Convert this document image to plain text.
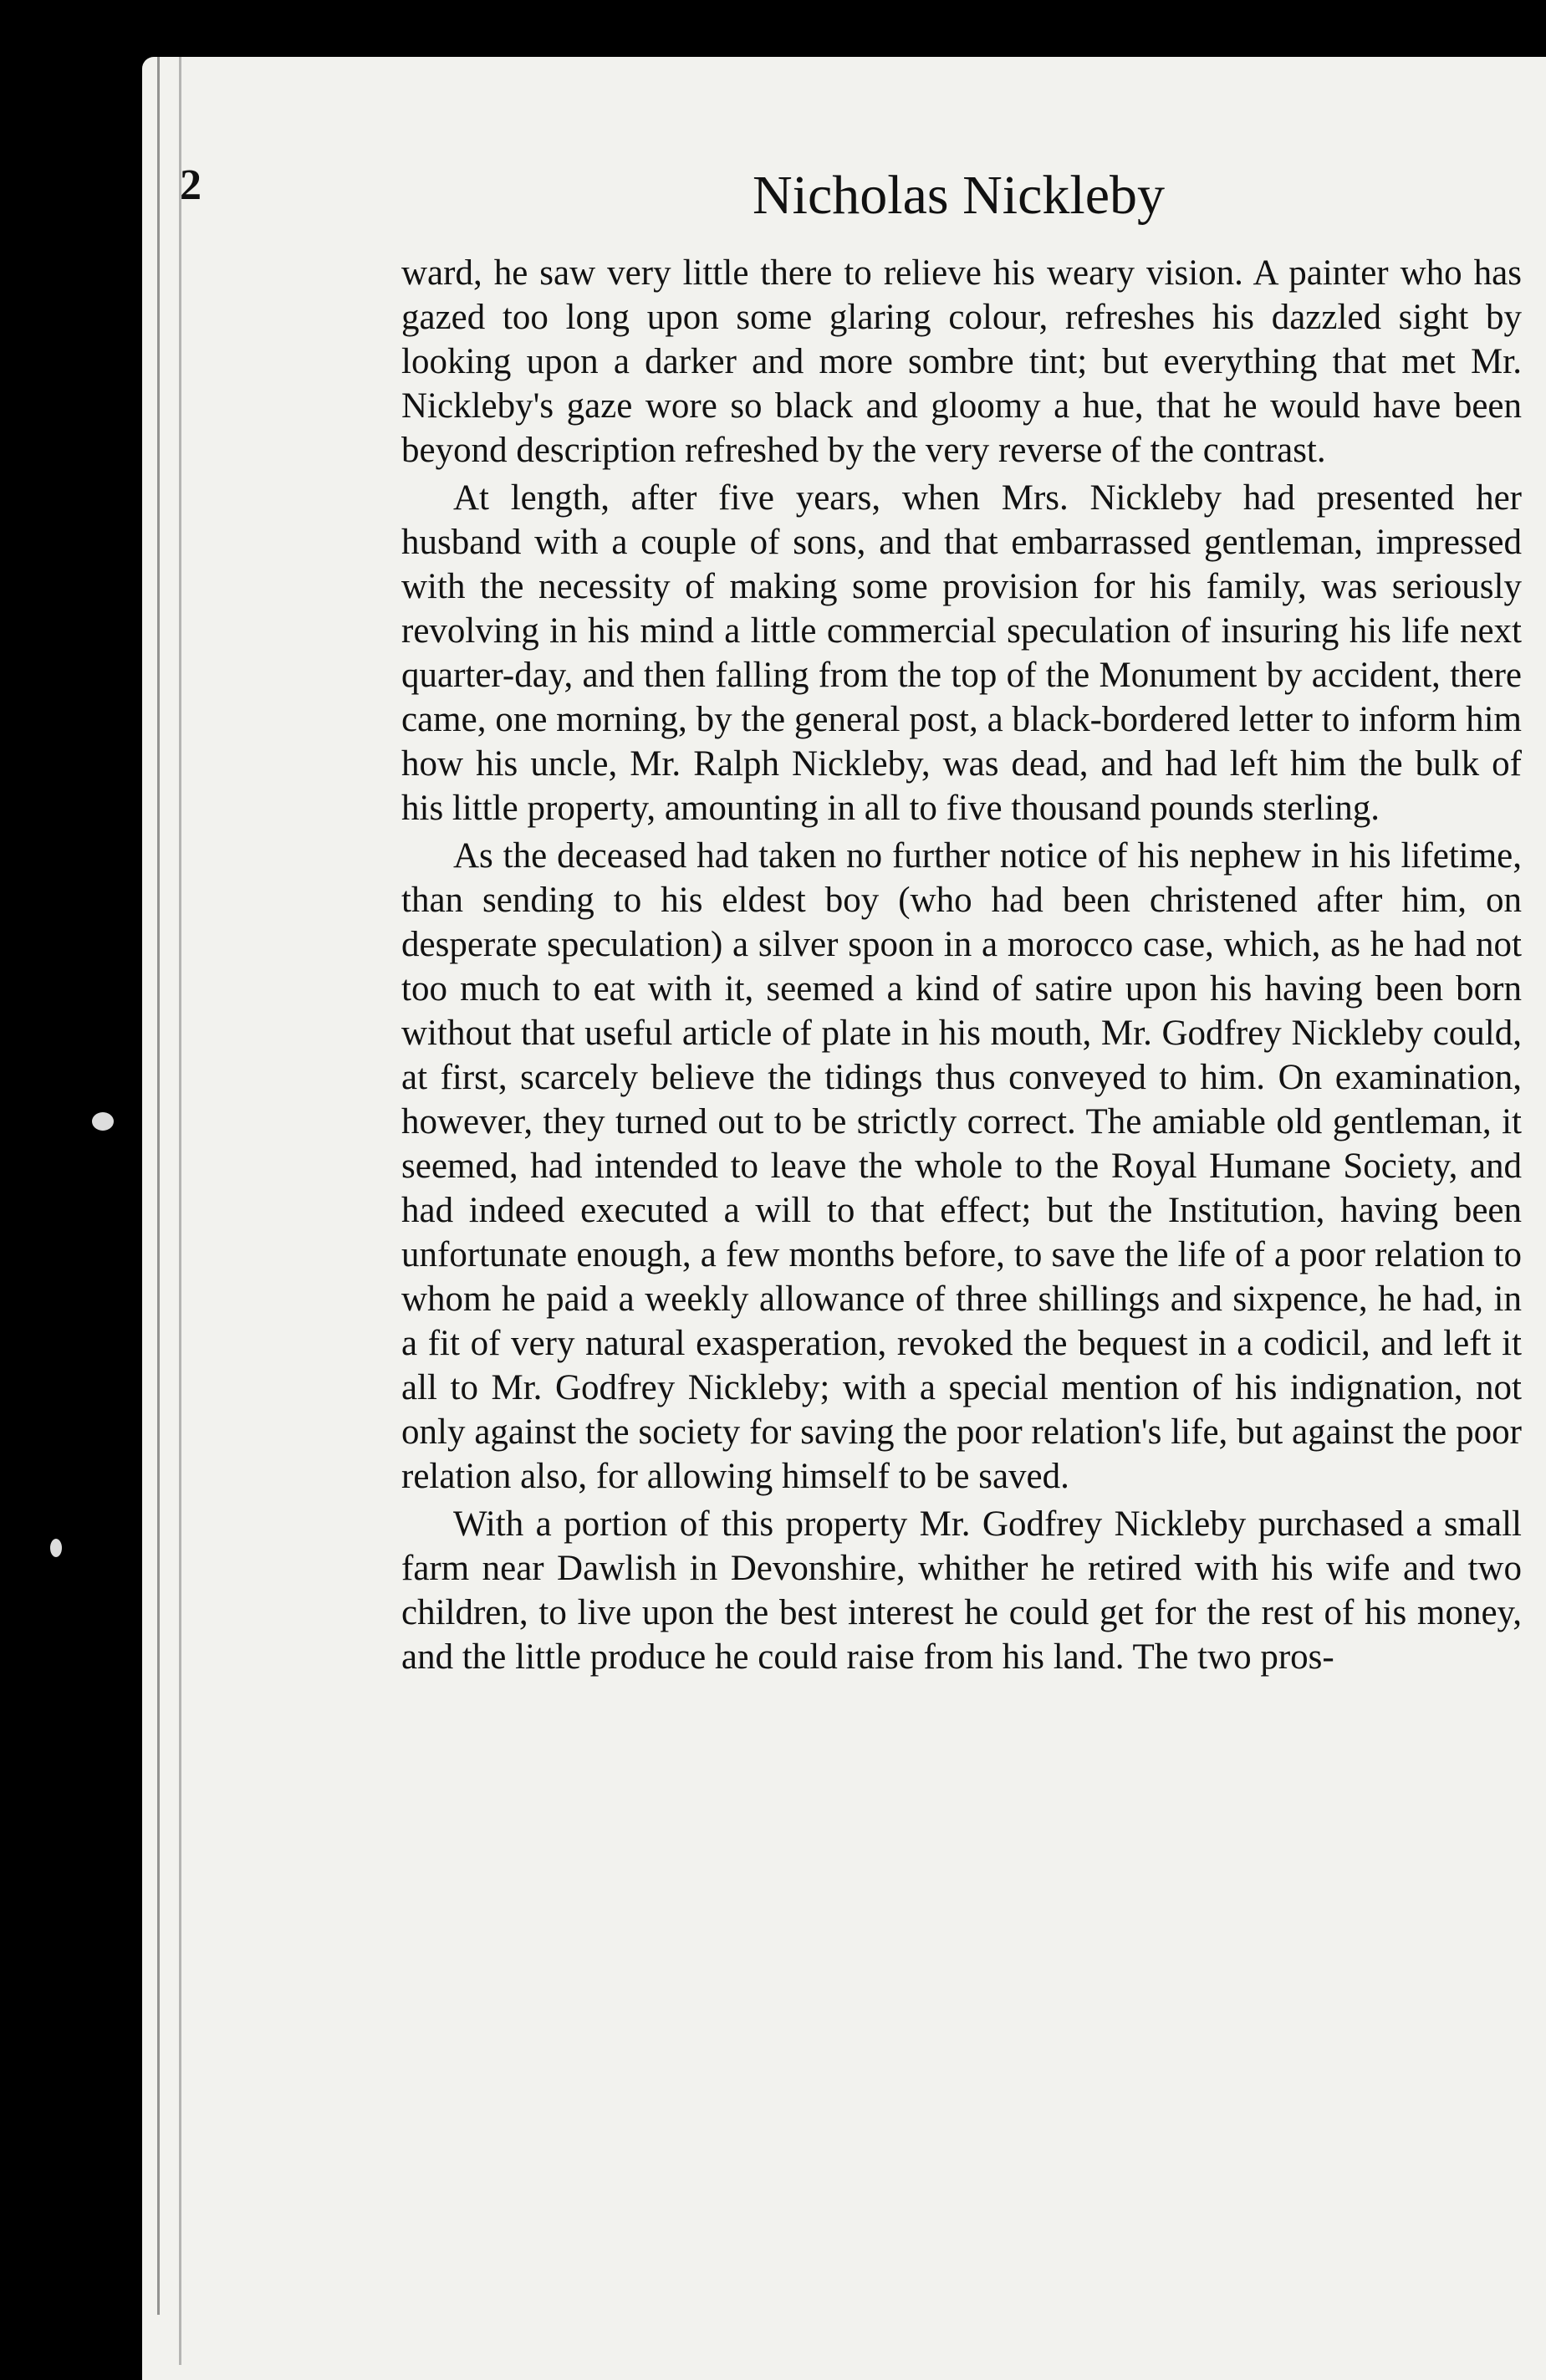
2	Nicholas Nickleby

ward, he saw very little there to relieve his weary vision. A painter who has gazed too long upon some glaring colour, refreshes his dazzled sight by looking upon a darker and more sombre tint; but everything that met Mr. Nickleby's gaze wore so black and gloomy a hue, that he would have been beyond description refreshed by the very reverse of the contrast.

At length, after five years, when Mrs. Nickleby had presented her husband with a couple of sons, and that embarrassed gentleman, impressed with the necessity of making some provision for his family, was seriously revolving in his mind a little commercial speculation of insuring his life next quarter-day, and then falling from the top of the Monument by accident, there came, one morning, by the general post, a black-bordered letter to inform him how his uncle, Mr. Ralph Nickleby, was dead, and had left him the bulk of his little property, amounting in all to five thousand pounds sterling.

As the deceased had taken no further notice of his nephew in his lifetime, than sending to his eldest boy (who had been christened after him, on desperate speculation) a silver spoon in a morocco case, which, as he had not too much to eat with it, seemed a kind of satire upon his having been born without that useful article of plate in his mouth, Mr. Godfrey Nickleby could, at first, scarcely believe the tidings thus conveyed to him. On examination, however, they turned out to be strictly correct. The amiable old gentleman, it seemed, had intended to leave the whole to the Royal Humane Society, and had indeed executed a will to that effect; but the Institution, having been unfortunate enough, a few months before, to save the life of a poor relation to whom he paid a weekly allowance of three shillings and sixpence, he had, in a fit of very natural exasperation, revoked the bequest in a codicil, and left it all to Mr. Godfrey Nickleby; with a special mention of his indignation, not only against the society for saving the poor relation's life, but against the poor relation also, for allowing himself to be saved.

With a portion of this property Mr. Godfrey Nickleby purchased a small farm near Dawlish in Devonshire, whither he retired with his wife and two children, to live upon the best interest he could get for the rest of his money, and the little produce he could raise from his land. The two pros-
